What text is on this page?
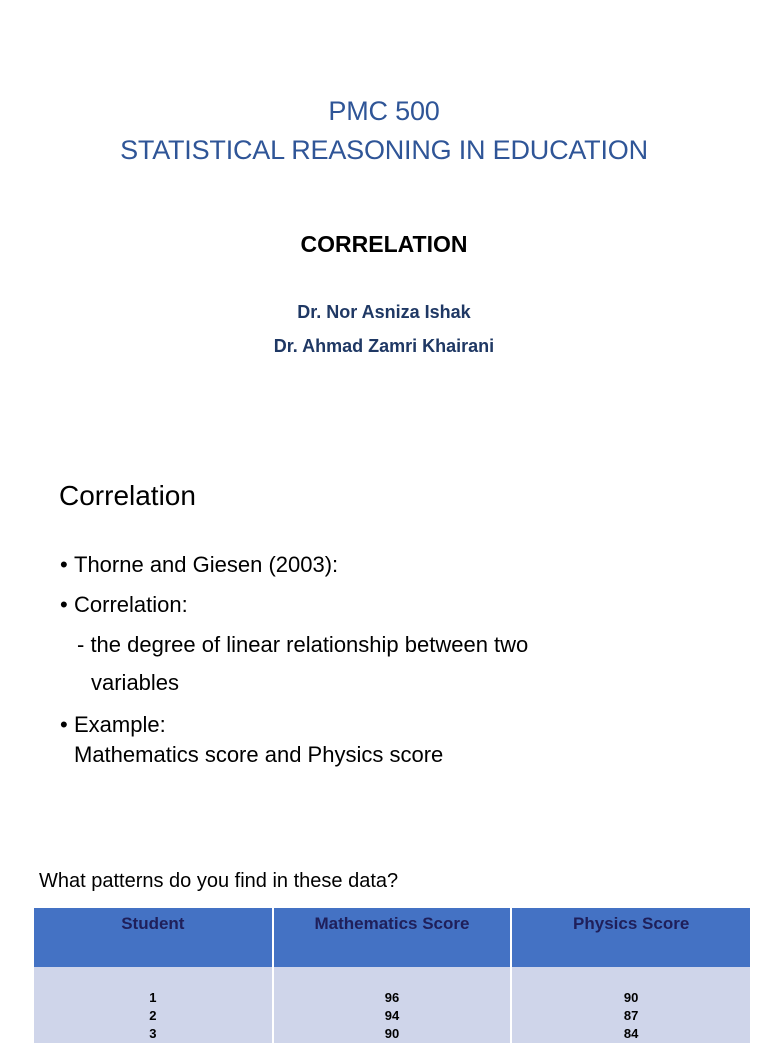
PMC 500
STATISTICAL REASONING IN EDUCATION
CORRELATION
Dr. Nor Asniza Ishak
Dr. Ahmad Zamri Khairani
Correlation
• Thorne and Giesen (2003):
• Correlation:
- the degree of linear relationship between two
variables
• Example:
Mathematics score and Physics score
What patterns do you find in these data?
Student	Mathematics Score	Physics Score

1	96	90
2	94	87
3	90	84
